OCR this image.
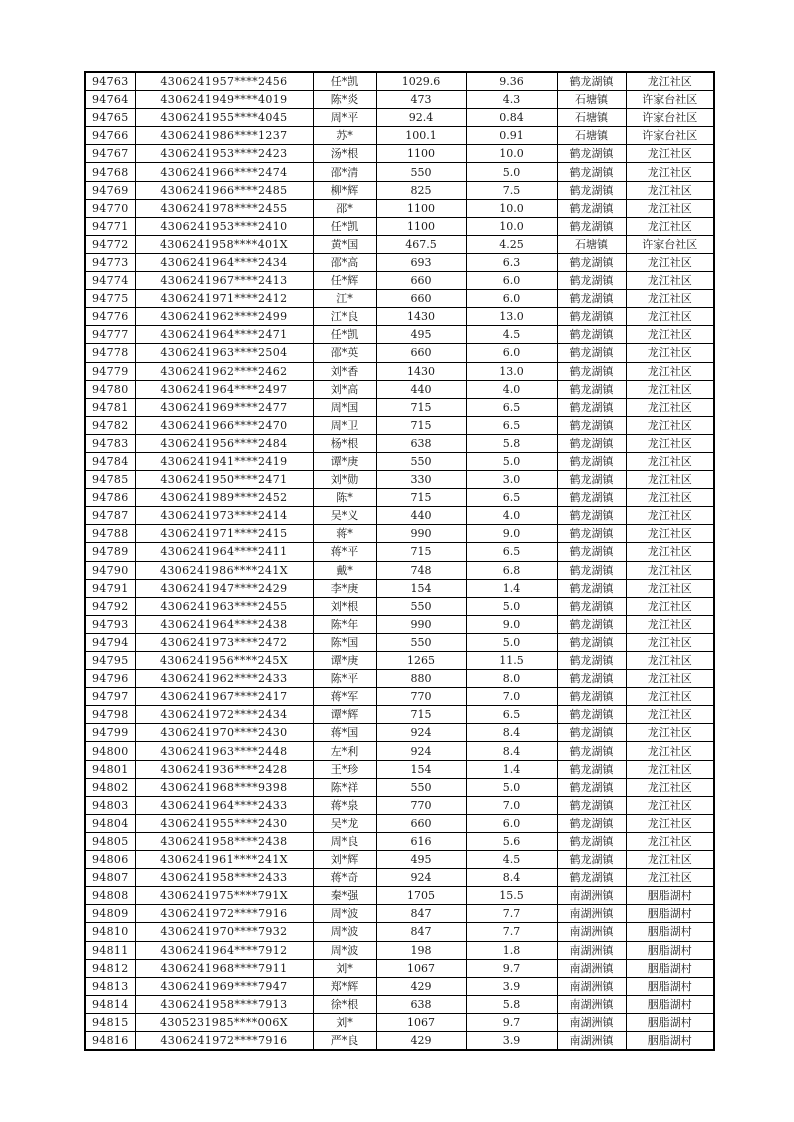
94763	4306241957****2456	任*凯	1029.6	9.36	鹤龙湖镇	龙江社区
94764	4306241949****4019	陈*炎	473	4.3	石塘镇	许家台社区
94765	4306241955****4045	周*平	92.4	0.84	石塘镇	许家台社区
94766	4306241986****1237	苏*	100.1	0.91	石塘镇	许家台社区
94767	4306241953****2423	汤*根	1100	10.0	鹤龙湖镇	龙江社区
94768	4306241966****2474	邵*清	550	5.0	鹤龙湖镇	龙江社区
94769	4306241966****2485	柳*辉	825	7.5	鹤龙湖镇	龙江社区
94770	4306241978****2455	邵*	1100	10.0	鹤龙湖镇	龙江社区
94771	4306241953****2410	任*凯	1100	10.0	鹤龙湖镇	龙江社区
94772	4306241958****401X	黄*国	467.5	4.25	石塘镇	许家台社区
94773	4306241964****2434	邵*高	693	6.3	鹤龙湖镇	龙江社区
94774	4306241967****2413	任*辉	660	6.0	鹤龙湖镇	龙江社区
94775	4306241971****2412	江*	660	6.0	鹤龙湖镇	龙江社区
94776	4306241962****2499	江*良	1430	13.0	鹤龙湖镇	龙江社区
94777	4306241964****2471	任*凯	495	4.5	鹤龙湖镇	龙江社区
94778	4306241963****2504	邵*英	660	6.0	鹤龙湖镇	龙江社区
94779	4306241962****2462	刘*香	1430	13.0	鹤龙湖镇	龙江社区
94780	4306241964****2497	刘*高	440	4.0	鹤龙湖镇	龙江社区
94781	4306241969****2477	周*国	715	6.5	鹤龙湖镇	龙江社区
94782	4306241966****2470	周*卫	715	6.5	鹤龙湖镇	龙江社区
94783	4306241956****2484	杨*根	638	5.8	鹤龙湖镇	龙江社区
94784	4306241941****2419	谭*庚	550	5.0	鹤龙湖镇	龙江社区
94785	4306241950****2471	刘*勋	330	3.0	鹤龙湖镇	龙江社区
94786	4306241989****2452	陈*	715	6.5	鹤龙湖镇	龙江社区
94787	4306241973****2414	吴*义	440	4.0	鹤龙湖镇	龙江社区
94788	4306241971****2415	蒋*	990	9.0	鹤龙湖镇	龙江社区
94789	4306241964****2411	蒋*平	715	6.5	鹤龙湖镇	龙江社区
94790	4306241986****241X	戴*	748	6.8	鹤龙湖镇	龙江社区
94791	4306241947****2429	李*庚	154	1.4	鹤龙湖镇	龙江社区
94792	4306241963****2455	刘*根	550	5.0	鹤龙湖镇	龙江社区
94793	4306241964****2438	陈*年	990	9.0	鹤龙湖镇	龙江社区
94794	4306241973****2472	陈*国	550	5.0	鹤龙湖镇	龙江社区
94795	4306241956****245X	谭*庚	1265	11.5	鹤龙湖镇	龙江社区
94796	4306241962****2433	陈*平	880	8.0	鹤龙湖镇	龙江社区
94797	4306241967****2417	蒋*军	770	7.0	鹤龙湖镇	龙江社区
94798	4306241972****2434	谭*辉	715	6.5	鹤龙湖镇	龙江社区
94799	4306241970****2430	蒋*国	924	8.4	鹤龙湖镇	龙江社区
94800	4306241963****2448	左*利	924	8.4	鹤龙湖镇	龙江社区
94801	4306241936****2428	王*珍	154	1.4	鹤龙湖镇	龙江社区
94802	4306241968****9398	陈*祥	550	5.0	鹤龙湖镇	龙江社区
94803	4306241964****2433	蒋*泉	770	7.0	鹤龙湖镇	龙江社区
94804	4306241955****2430	吴*龙	660	6.0	鹤龙湖镇	龙江社区
94805	4306241958****2438	周*良	616	5.6	鹤龙湖镇	龙江社区
94806	4306241961****241X	刘*辉	495	4.5	鹤龙湖镇	龙江社区
94807	4306241958****2433	蒋*奇	924	8.4	鹤龙湖镇	龙江社区
94808	4306241975****791X	秦*强	1705	15.5	南湖洲镇	胭脂湖村
94809	4306241972****7916	周*波	847	7.7	南湖洲镇	胭脂湖村
94810	4306241970****7932	周*波	847	7.7	南湖洲镇	胭脂湖村
94811	4306241964****7912	周*波	198	1.8	南湖洲镇	胭脂湖村
94812	4306241968****7911	刘*	1067	9.7	南湖洲镇	胭脂湖村
94813	4306241969****7947	郑*辉	429	3.9	南湖洲镇	胭脂湖村
94814	4306241958****7913	徐*根	638	5.8	南湖洲镇	胭脂湖村
94815	4305231985****006X	刘*	1067	9.7	南湖洲镇	胭脂湖村
94816	4306241972****7916	严*良	429	3.9	南湖洲镇	胭脂湖村
